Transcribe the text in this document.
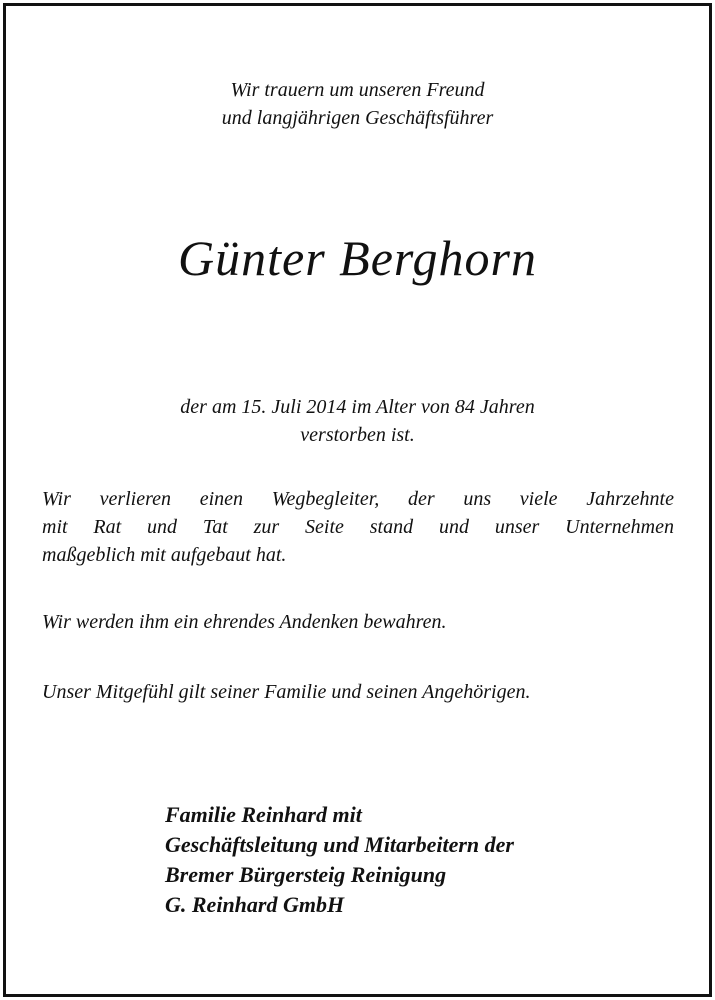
Wir trauern um unseren Freund
und langjährigen Geschäftsführer
Günter Berghorn
der am 15. Juli 2014 im Alter von 84 Jahren
verstorben ist.
Wir verlieren einen Wegbegleiter, der uns viele Jahrzehnte
mit Rat und Tat zur Seite stand und unser Unternehmen
maßgeblich mit aufgebaut hat.
Wir werden ihm ein ehrendes Andenken bewahren.
Unser Mitgefühl gilt seiner Familie und seinen Angehörigen.
Familie Reinhard mit
Geschäftsleitung und Mitarbeitern der
Bremer Bürgersteig Reinigung
G. Reinhard GmbH
